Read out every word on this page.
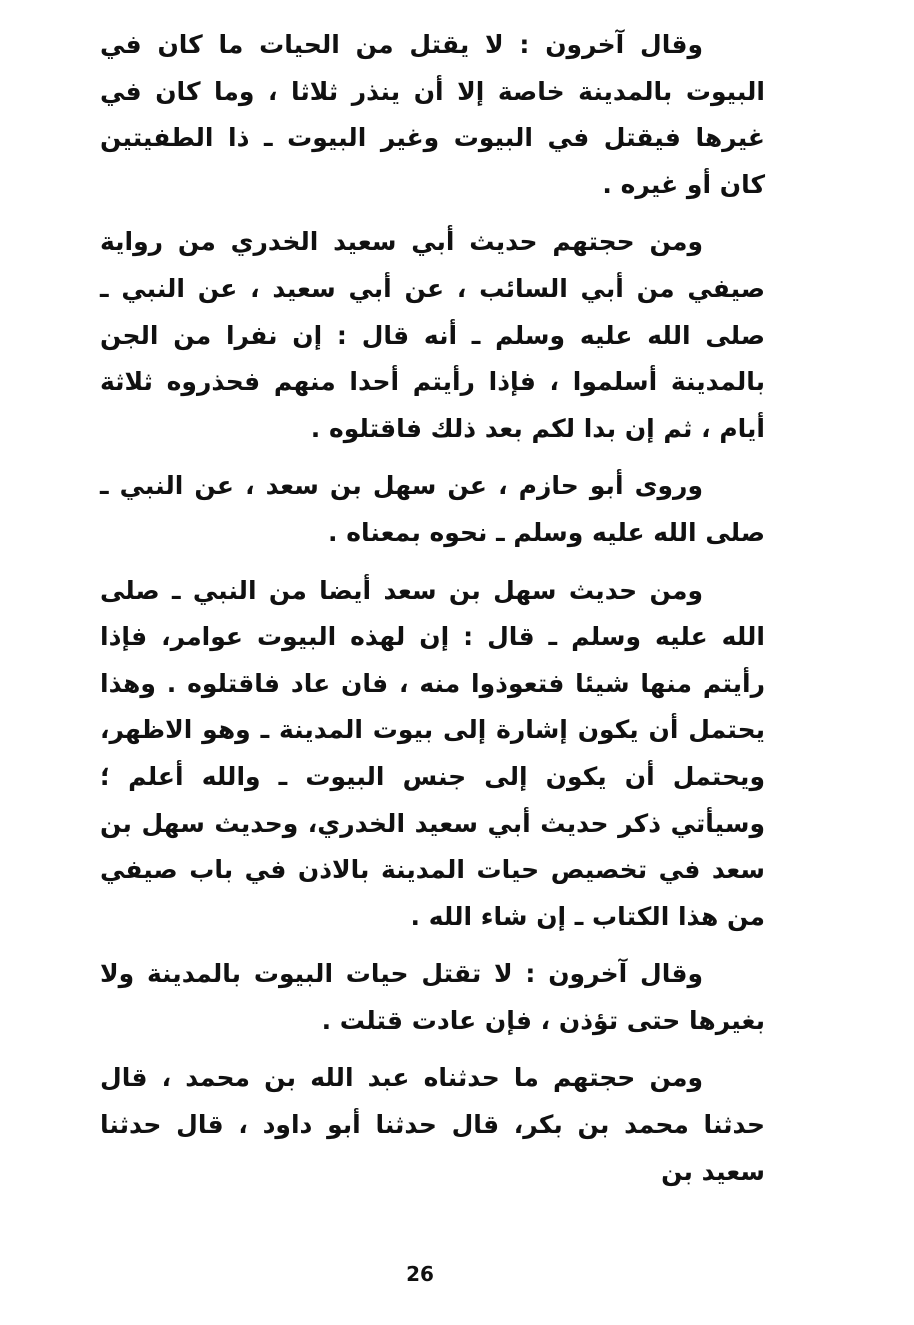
وقال آخرون : لا يقتل من الحيات ما كان في البيوت بالمدينة خاصة إلا أن ينذر ثلاثا ، وما كان في غيرها فيقتل في البيوت وغير البيوت ـ ذا الطفيتين كان أو غيره .

ومن حجتهم حديث أبي سعيد الخدري من رواية صيفي من أبي السائب ، عن أبي سعيد ، عن النبي ـ صلى الله عليه وسلم ـ أنه قال : إن نفرا من الجن بالمدينة أسلموا ، فإذا رأيتم أحدا منهم فحذروه ثلاثة أيام ، ثم إن بدا لكم بعد ذلك فاقتلوه .

وروى أبو حازم ، عن سهل بن سعد ، عن النبي ـ صلى الله عليه وسلم ـ نحوه بمعناه .

ومن حديث سهل بن سعد أيضا من النبي ـ صلى الله عليه وسلم ـ قال : إن لهذه البيوت عوامر، فإذا رأيتم منها شيئا فتعوذوا منه ، فان عاد فاقتلوه . وهذا يحتمل أن يكون إشارة إلى بيوت المدينة ـ وهو الاظهر، ويحتمل أن يكون إلى جنس البيوت ـ والله أعلم ؛ وسيأتي ذكر حديث أبي سعيد الخدري، وحديث سهل بن سعد في تخصيص حيات المدينة بالاذن في باب صيفي من هذا الكتاب ـ إن شاء الله .

وقال آخرون : لا تقتل حيات البيوت بالمدينة ولا بغيرها حتى تؤذن ، فإن عادت قتلت .

ومن حجتهم ما حدثناه عبد الله بن محمد ، قال حدثنا محمد بن بكر، قال حدثنا أبو داود ، قال حدثنا سعيد بن

26
